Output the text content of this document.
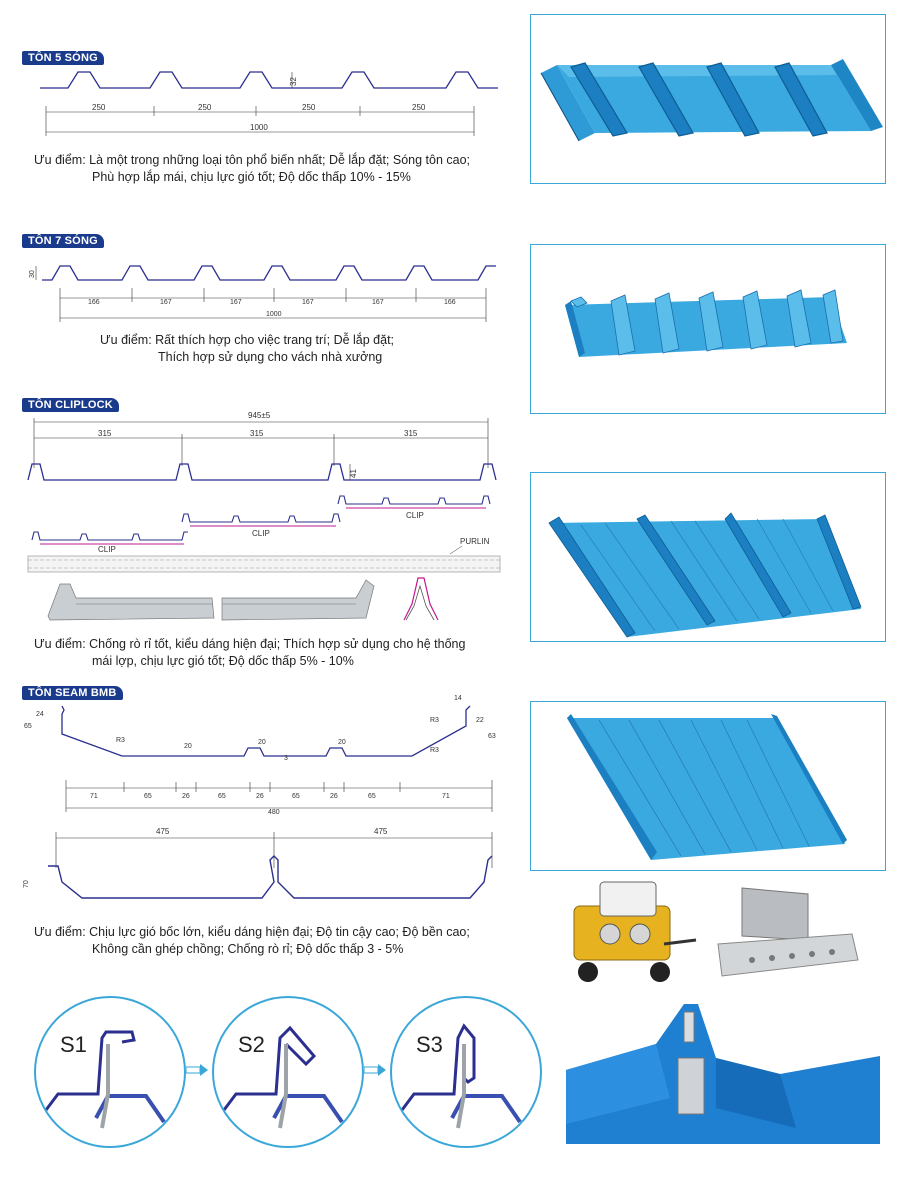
TÔN 5 SÓNG
32
250	250	250	250
1000
Ưu điểm: Là một trong những loại tôn phổ biến nhất; Dễ lắp đặt; Sóng tôn cao;
Phù hợp lắp mái, chịu lực gió tốt; Độ dốc thấp 10% - 15%
TÔN 7 SÓNG
30
166	167	167	167	167	166
1000
Ưu điểm: Rất thích hợp cho việc trang trí; Dễ lắp đặt;
Thích hợp sử dụng cho vách nhà xưởng
TÔN CLIPLOCK
945±5
315	315	315
41
CLIP
CLIP
CLIP
PURLIN
Ưu điểm: Chống rò rỉ tốt, kiểu dáng hiện đại; Thích hợp sử dụng cho hệ thống
mái lợp, chịu lực gió tốt; Độ dốc thấp 5% - 10%
TÔN SEAM BMB
65
24
14
22
63
R3
R3
R3
20
20	20
3
71	65	26	65	26	65	26	65	71
480
475	475
70
Ưu điểm: Chịu lực gió bốc lớn, kiểu dáng hiện đại; Độ tin cậy cao; Độ bền cao;
Không cần ghép chồng; Chống rò rỉ; Độ dốc thấp 3 - 5%
S1	S2	S3
